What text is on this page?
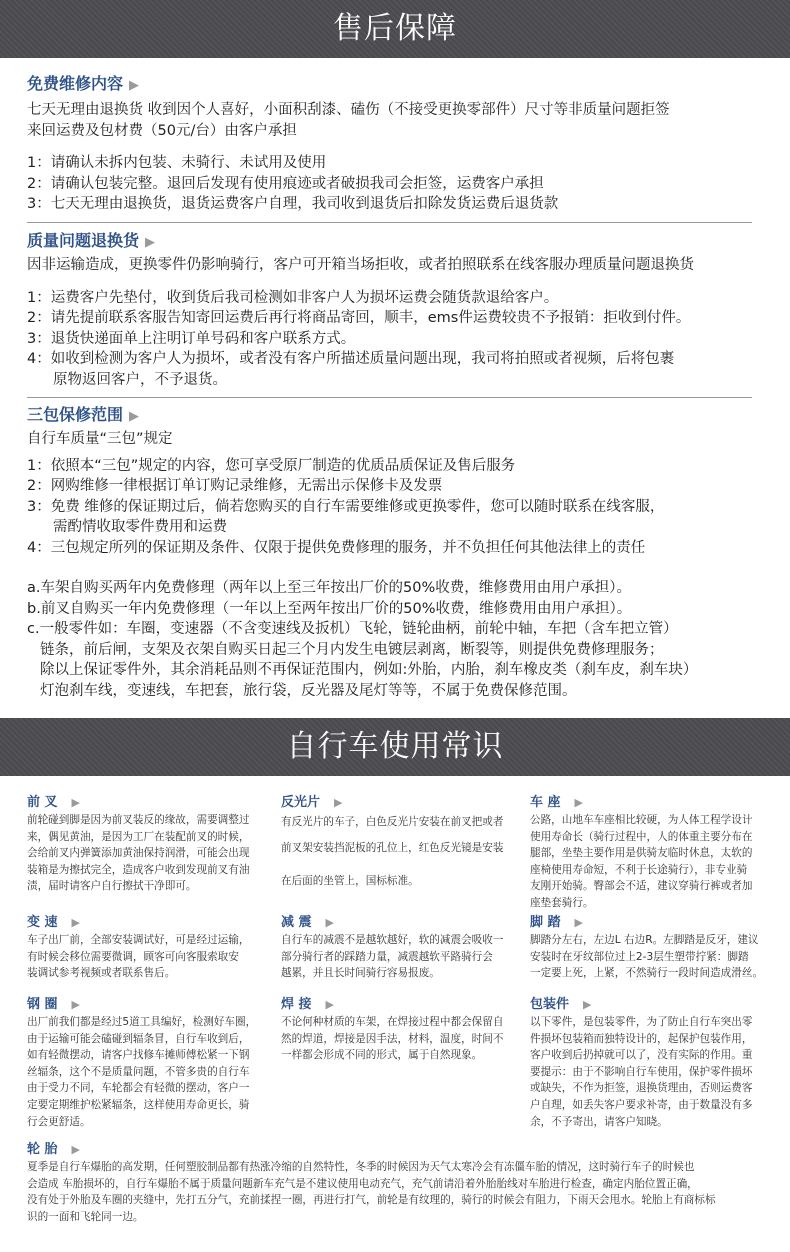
售后保障
免费维修内容 ▶
七天无理由退换货 收到因个人喜好，小面积刮漆、磕伤（不接受更换零部件）尺寸等非质量问题拒签
来回运费及包材费（50元/台）由客户承担
1：请确认未拆内包装、未骑行、未试用及使用
2：请确认包装完整。退回后发现有使用痕迹或者破损我司会拒签，运费客户承担
3：七天无理由退换货，退货运费客户自理，我司收到退货后扣除发货运费后退货款
质量问题退换货 ▶
因非运输造成，更换零件仍影响骑行，客户可开箱当场拒收，或者拍照联系在线客服办理质量问题退换货
1：运费客户先垫付，收到货后我司检测如非客户人为损坏运费会随货款退给客户。
2：请先提前联系客服告知寄回运费后再行将商品寄回，顺丰，ems件运费较贵不予报销：拒收到付件。
3：退货快递面单上注明订单号码和客户联系方式。
4：如收到检测为客户人为损坏，或者没有客户所描述质量问题出现，我司将拍照或者视频，后将包裹
原物返回客户，不予退货。
三包保修范围 ▶
自行车质量“三包”规定
1：依照本“三包”规定的内容，您可享受原厂制造的优质品质保证及售后服务
2：网购维修一律根据订单订购记录维修，无需出示保修卡及发票
3：免费 维修的保证期过后，倘若您购买的自行车需要维修或更换零件，您可以随时联系在线客服，
需酌情收取零件费用和运费
4：三包规定所列的保证期及条件、仅限于提供免费修理的服务，并不负担任何其他法律上的责任
a.车架自购买两年内免费修理（两年以上至三年按出厂价的50%收费，维修费用由用户承担）。
b.前叉自购买一年内免费修理（一年以上至两年按出厂价的50%收费，维修费用由用户承担）。
c.一般零件如：车圈，变速器（不含变速线及扳机）飞轮，链轮曲柄，前轮中轴，车把（含车把立管）
链条，前后闸，支架及衣架自购买日起三个月内发生电镀层剥离，断裂等，则提供免费修理服务；
除以上保证零件外，其余消耗品则不再保证范围内，例如:外胎，内胎，刹车橡皮类（刹车皮，刹车块）
灯泡刹车线，变速线，车把套，旅行袋，反光器及尾灯等等，不属于免费保修范围。
自行车使用常识
前 叉 ▶
前轮碰到脚是因为前叉装反的缘故，需要调整过
来，偶见黄油，是因为工厂在装配前叉的时候，
会给前叉内弹簧添加黄油保持润滑，可能会出现
装箱是为擦拭完全，造成客户收到发现前叉有油
渍，届时请客户自行擦拭干净即可。
反光片 ▶
有反光片的车子，白色反光片安装在前叉把或者
前叉架安装挡泥板的孔位上，红色反光镜是安装
在后面的坐管上，国标标准。
车 座 ▶
公路，山地车车座相比较硬，为人体工程学设计
使用寿命长（骑行过程中，人的体重主要分布在
腿部，坐垫主要作用是供骑友临时休息，太软的
座椅使用寿命短，不利于长途骑行），非专业骑
友刚开始骑。臀部会不适，建议穿骑行裤或者加
座垫套骑行。
变 速 ▶
车子出厂前，全部安装调试好，可是经过运输，
有时候会移位需要微调，顾客可向客服索取安
装调试参考视频或者联系售后。
减 震 ▶
自行车的减震不是越软越好，软的减震会吸收一
部分骑行者的踩踏力量，减震越软平路骑行会
越累，并且长时间骑行容易报废。
脚 踏 ▶
脚踏分左右，左边L 右边R。左脚踏是反牙，建议
安装时在牙纹部位过上2-3层生塑带拧紧：脚踏
一定要上死，上紧，不然骑行一段时间造成滑丝。
钢 圈 ▶
出厂前我们都是经过5道工具编好，检测好车圈，
由于运输可能会磕碰到辐条冒，自行车收到后，
如有轻微摆动，请客户找修车摊师傅松紧一下钢
丝辐条，这个不是质量问题，不管多贵的自行车
由于受力不同，车轮都会有轻微的摆动，客户一
定要定期维护松紧辐条，这样使用寿命更长，骑
行会更舒适。
焊 接 ▶
不论何种材质的车架，在焊接过程中都会保留自
然的焊道，焊接是因手法，材料，温度，时间不
一样都会形成不同的形式，属于自然现象。
包装件 ▶
以下零件，是包装零件，为了防止自行车突出零
件损坏包装箱而独特设计的，起保护包装作用，
客户收到后扔掉就可以了，没有实际的作用。重
要提示：由于不影响自行车使用，保护零件损坏
或缺失，不作为拒签，退换货理由，否则运费客
户自理，如丢失客户要求补寄，由于数量没有多
余，不予寄出，请客户知晓。
轮 胎 ▶
夏季是自行车爆胎的高发期，任何塑胶制品都有热涨冷缩的自然特性，冬季的时候因为天气太寒冷会有冻僵车胎的情况，这时骑行车子的时候也
会造成 车胎损坏的，自行车爆胎不属于质量问题新车充气是不建议使用电动充气，充气前请沿着外胎胎线对车胎进行检查，确定内胎位置正确，
没有处于外胎及车圈的夹缝中，先打五分气，充前揉捏一圈，再进行打气，前轮是有纹理的，骑行的时候会有阻力，下雨天会甩水。轮胎上有商标标
识的一面和飞轮同一边。
